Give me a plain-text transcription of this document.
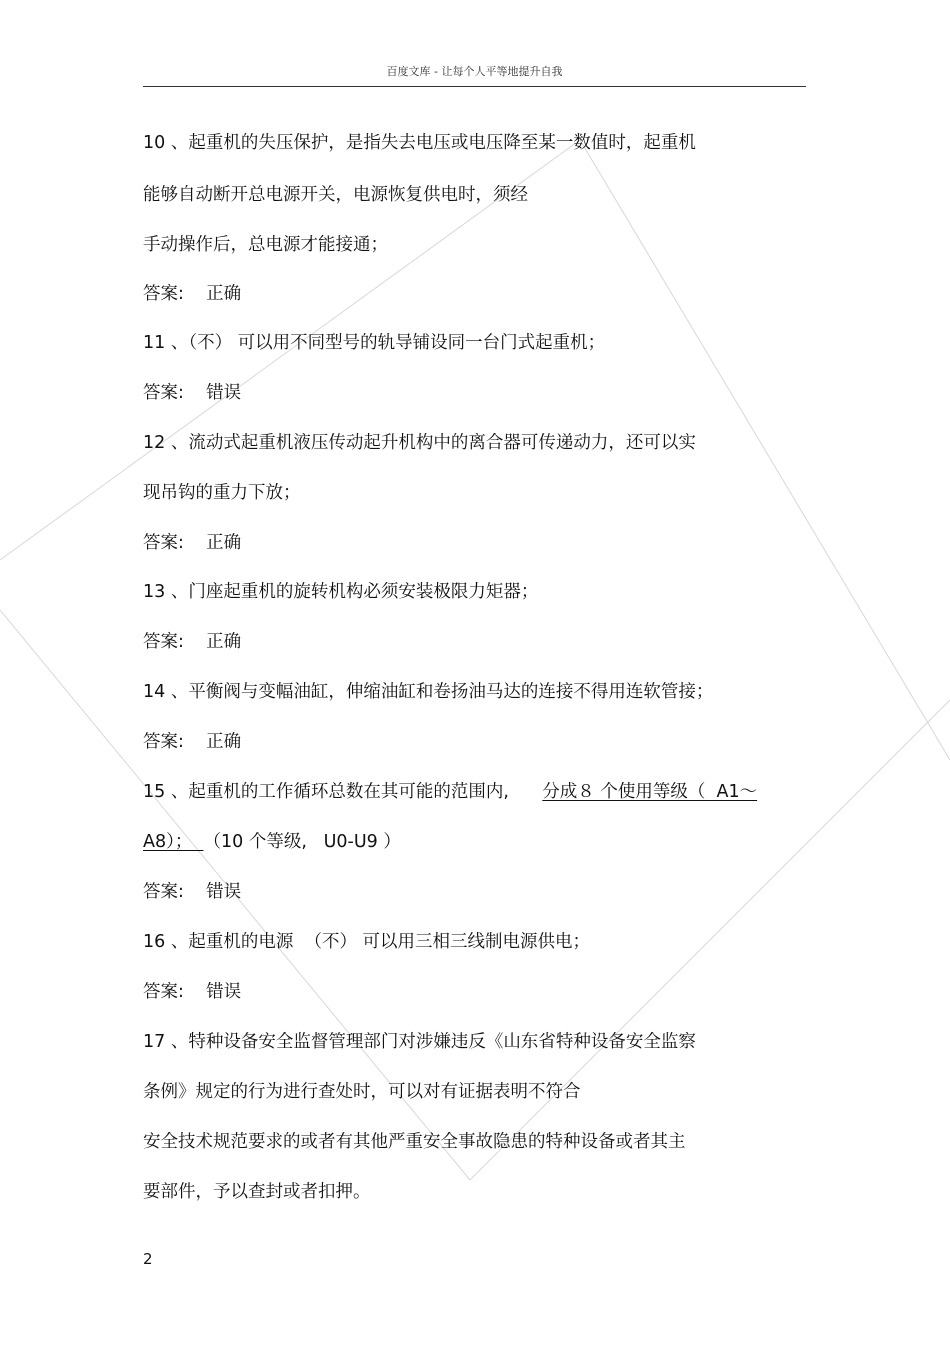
百度文库 - 让每个人平等地提升自我
10 、起重机的失压保护，是指失去电压或电压降至某一数值时，起重机
能够自动断开总电源开关，电源恢复供电时，须经
手动操作后，总电源才能接通；
答案:    正确
11 、（不） 可以用不同型号的轨导铺设同一台门式起重机；
答案:    错误
12 、流动式起重机液压传动起升机构中的离合器可传递动力，还可以实
现吊钩的重力下放；
答案:    正确
13 、门座起重机的旋转机构必须安装极限力矩器；
答案:    正确
14 、平衡阀与变幅油缸，伸缩油缸和卷扬油马达的连接不得用连软管接；
答案:    正确
15 、起重机的工作循环总数在其可能的范围内,      分成８ 个使用等级（  A1～
A8）；  （10 个等级,   U0-U9 ）
答案:    错误
16 、起重机的电源  （不） 可以用三相三线制电源供电；
答案:    错误
17 、特种设备安全监督管理部门对涉嫌违反《山东省特种设备安全监察
条例》规定的行为进行查处时，可以对有证据表明不符合
安全技术规范要求的或者有其他严重安全事故隐患的特种设备或者其主
要部件，予以查封或者扣押。
2
